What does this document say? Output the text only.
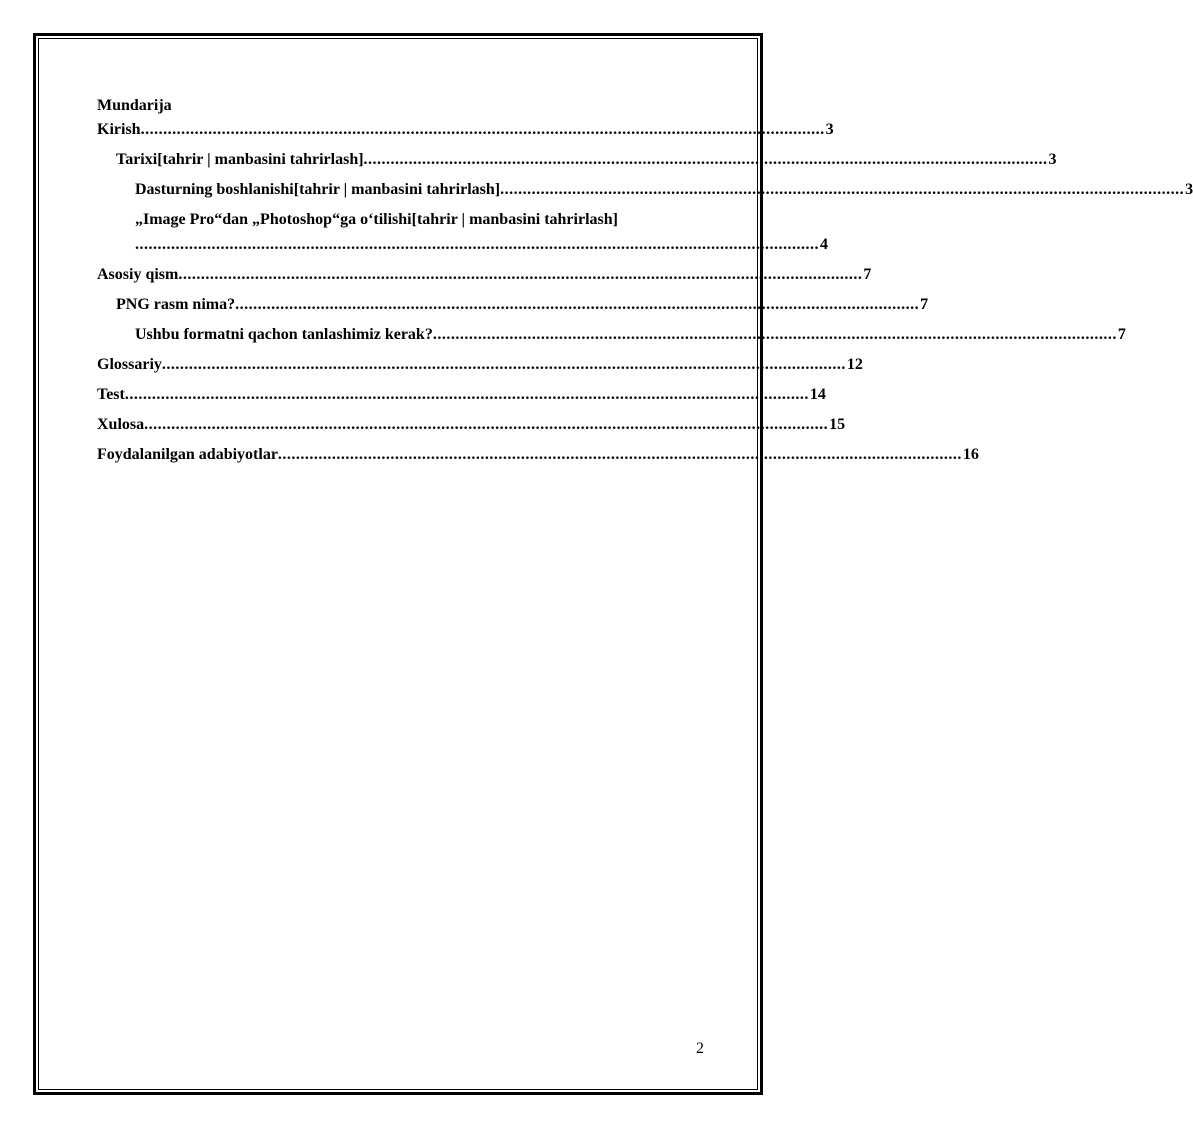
Mundarija
Kirish ........................................................................................................................................................ 3
Tarixi[tahrir | manbasini tahrirlash] ........................................................................................................................................................ 3
Dasturning boshlanishi[tahrir | manbasini tahrirlash] ........................................................................................................................................................ 3
„Image Pro“dan „Photoshop“ga o‘tilishi[tahrir | manbasini tahrirlash]
........................................................................................................................................................ 4
Asosiy qism ........................................................................................................................................................ 7
PNG rasm nima? ........................................................................................................................................................ 7
Ushbu formatni qachon tanlashimiz kerak? ........................................................................................................................................................ 7
Glossariy ........................................................................................................................................................ 12
Test ........................................................................................................................................................ 14
Xulosa ........................................................................................................................................................ 15
Foydalanilgan adabiyotlar ........................................................................................................................................................ 16
2
